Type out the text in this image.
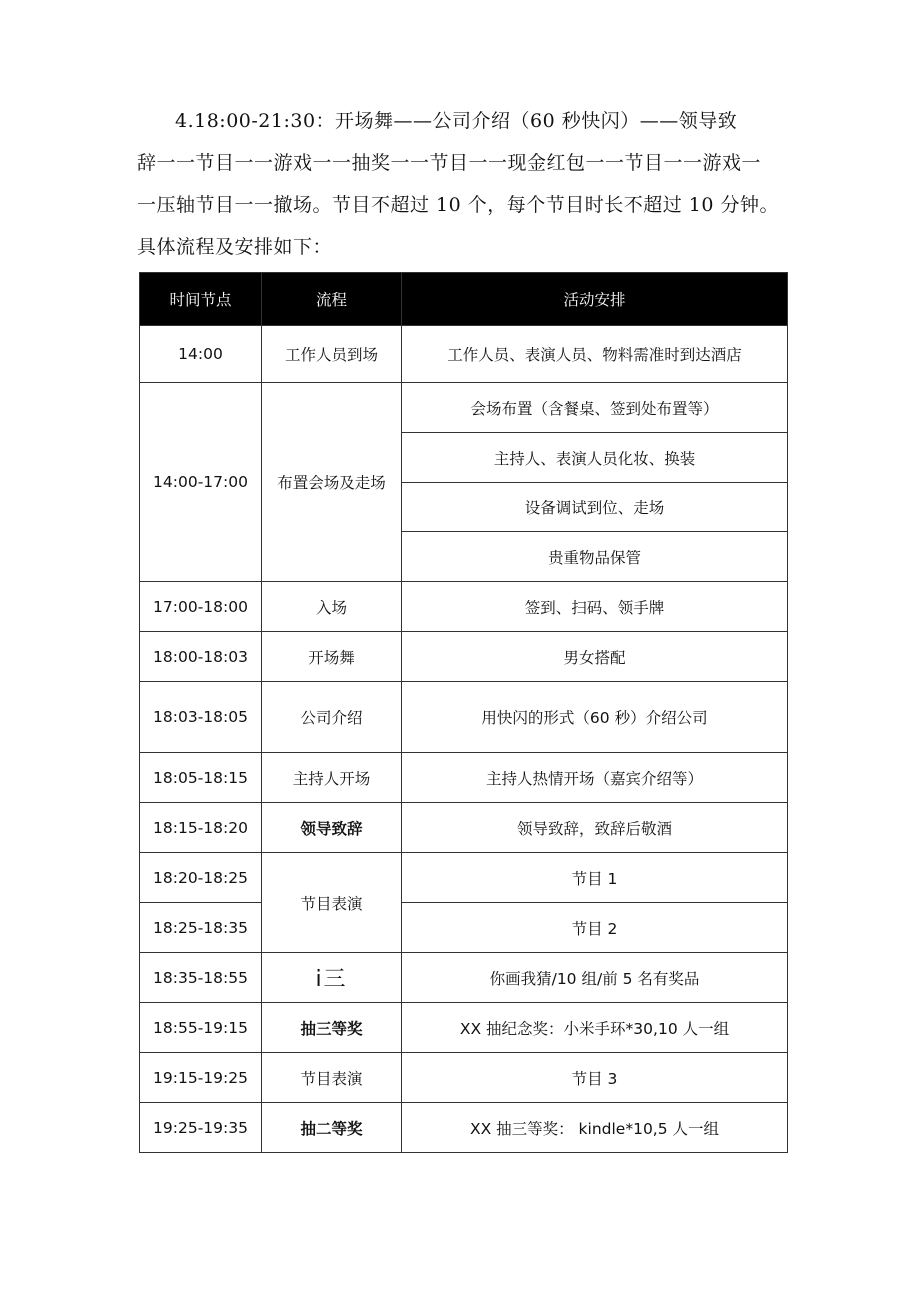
4.18:00-21:30：开场舞——公司介绍（60 秒快闪）——领导致
辞一一节目一一游戏一一抽奖一一节目一一现金红包一一节目一一游戏一
一压轴节目一一撤场。节目不超过 10 个，每个节目时长不超过 10 分钟。
具体流程及安排如下：
时间节点	流程	活动安排
14:00	工作人员到场	工作人员、表演人员、物料需准时到达酒店
14:00-17:00	布置会场及走场	会场布置（含餐桌、签到处布置等）
		主持人、表演人员化妆、换装
		设备调试到位、走场
		贵重物品保管
17:00-18:00	入场	签到、扫码、领手牌
18:00-18:03	开场舞	男女搭配
18:03-18:05	公司介绍	用快闪的形式（60 秒）介绍公司
18:05-18:15	主持人开场	主持人热情开场（嘉宾介绍等）
18:15-18:20	领导致辞	领导致辞，致辞后敬酒
18:20-18:25	节目表演	节目 1
18:25-18:35		节目 2
18:35-18:55	i三	你画我猜/10 组/前 5 名有奖品
18:55-19:15	抽三等奖	XX 抽纪念奖：小米手环*30,10 人一组
19:15-19:25	节目表演	节目 3
19:25-19:35	抽二等奖	XX 抽三等奖： kindle*10,5 人一组
